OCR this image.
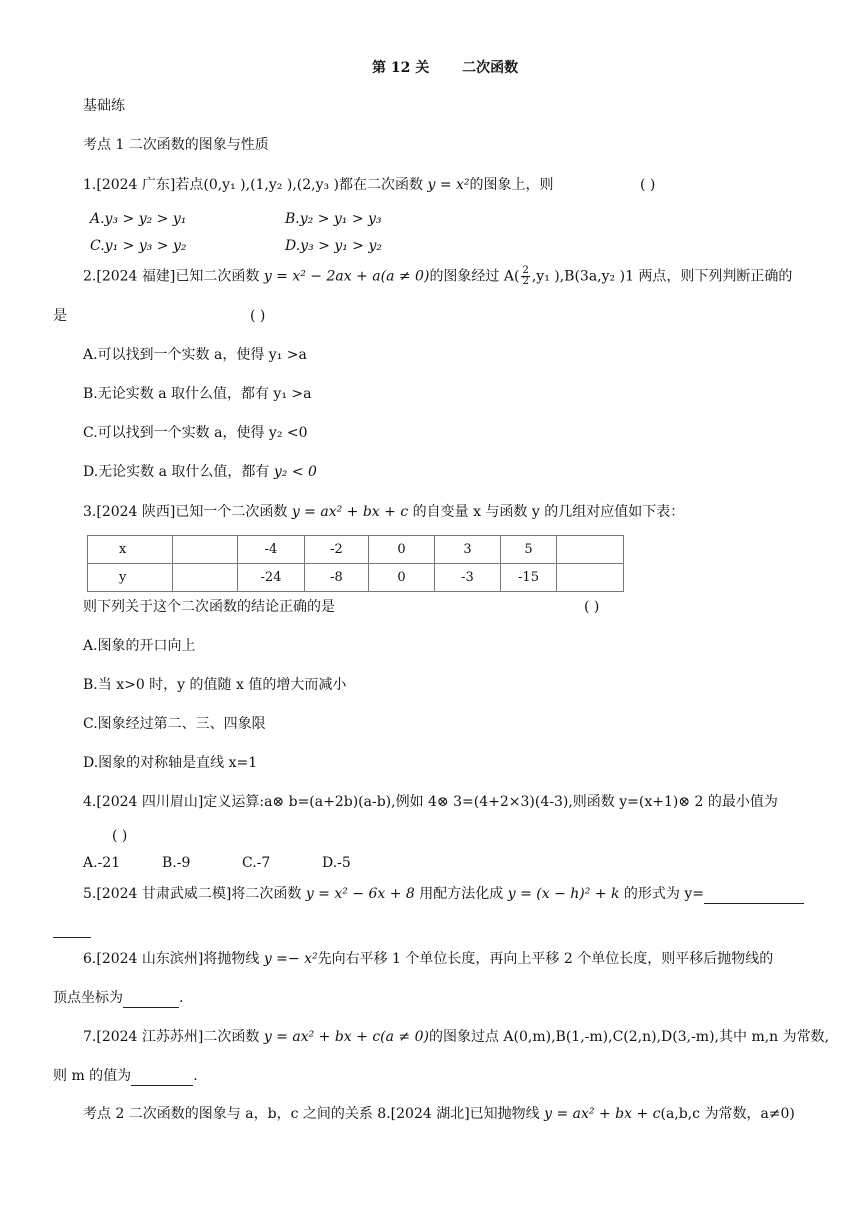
第 12 关 二次函数
基础练
考点 1 二次函数的图象与性质
1.[2024 广东]若点(0,y₁ ),(1,y₂ ),(2,y₃ )都在二次函数 y = x²的图象上，则	( )
A.y₃ > y₂ > y₁	B.y₂ > y₁ > y₃
C.y₁ > y₃ > y₂	D.y₃ > y₁ > y₂
2.[2024 福建]已知二次函数 y = x² − 2ax + a(a ≠ 0)的图象经过 $A( \frac{2}{2} ,y_1$ ),B(3a,y₂ )1 两点，则下列判断正确的
是	( )
A.可以找到一个实数 a，使得 y₁ >a
B.无论实数 a 取什么值，都有 y₁ >a
C.可以找到一个实数 a，使得 y₂ <0
D.无论实数 a 取什么值，都有 y₂ < 0
3.[2024 陕西]已知一个二次函数 y = ax² + bx + c 的自变量 x 与函数 y 的几组对应值如下表：
x		-4	-2	0	3	5	
y		-24	-8	0	-3	-15	
则下列关于这个二次函数的结论正确的是	( )
A.图象的开口向上
B.当 x>0 时，y 的值随 x 值的增大而减小
C.图象经过第二、三、四象限
D.图象的对称轴是直线 x=1
4.[2024 四川眉山]定义运算:a⊗ b=(a+2b)(a-b),例如 4⊗ 3=(4+2×3)(4-3),则函数 y=(x+1)⊗ 2 的最小值为
( )
A.-21	B.-9	C.-7	D.-5
5.[2024 甘肃武威二模]将二次函数 y = x² − 6x + 8 用配方法化成 y = (x − h)² + k 的形式为 y=
6.[2024 山东滨州]将抛物线 y =− x²先向右平移 1 个单位长度，再向上平移 2 个单位长度，则平移后抛物线的
顶点坐标为	.
7.[2024 江苏苏州]二次函数 y = ax² + bx + c(a ≠ 0)的图象过点 A(0,m),B(1,-m),C(2,n),D(3,-m),其中 m,n 为常数,
则 m 的值为	.
考点 2 二次函数的图象与 a，b，c 之间的关系 8.[2024 湖北]已知抛物线 y = ax² + bx + c(a,b,c 为常数，a≠0)
